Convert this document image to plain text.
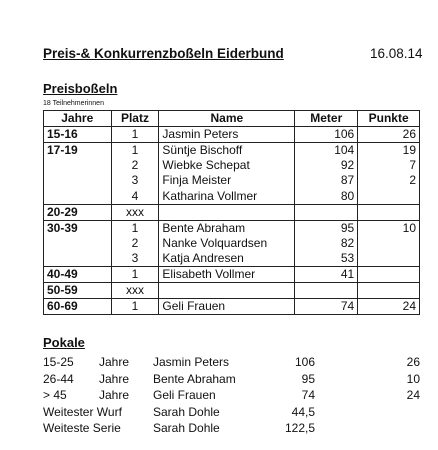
Preis-& Konkurrenzboßeln Eiderbund	16.08.14
Preisboßeln
18 Teilnehmerinnen
Jahre	Platz	Name	Meter	Punkte
15-16	1	Jasmin Peters	106	26
17-19	1	Süntje Bischoff	104	19
	2	Wiebke Schepat	92	7
	3	Finja Meister	87	2
	4	Katharina Vollmer	80	
20-29	xxx			
30-39	1	Bente Abraham	95	10
	2	Nanke Volquardsen	82	
	3	Katja Andresen	53	
40-49	1	Elisabeth Vollmer	41	
50-59	xxx			
60-69	1	Geli Frauen	74	24
Pokale
15-25 Jahre Jasmin Peters	106	26
26-44 Jahre Bente Abraham	95	10
> 45	Jahre Geli Frauen	74	24
Weitester Wurf	Sarah Dohle	44,5
Weiteste Serie	Sarah Dohle	122,5
